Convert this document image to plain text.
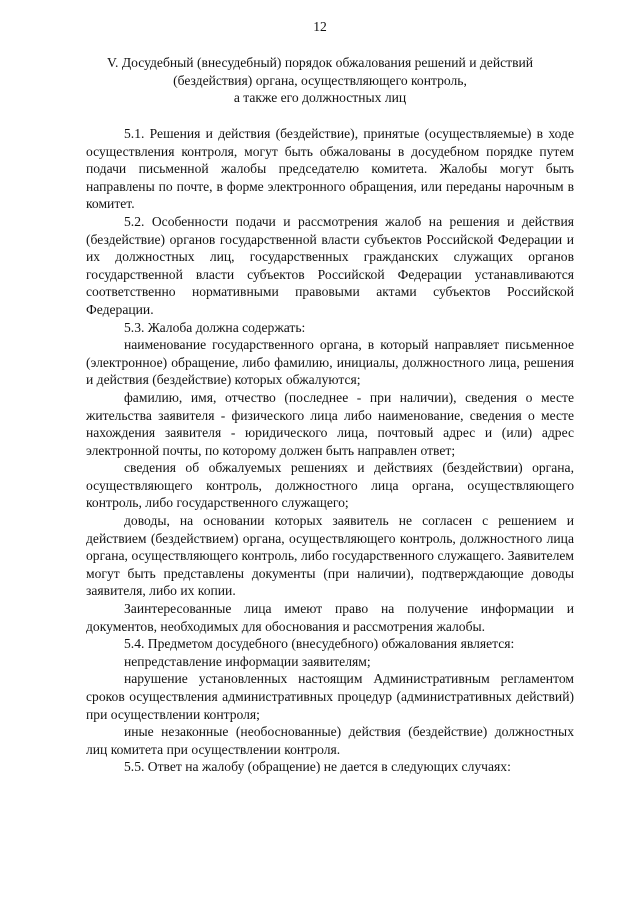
12
V. Досудебный (внесудебный) порядок обжалования решений и действий
(бездействия) органа, осуществляющего контроль,
а также его должностных лиц

5.1. Решения и действия (бездействие), принятые (осуществляемые) в ходе осуществления контроля, могут быть обжалованы в досудебном порядке путем подачи письменной жалобы председателю комитета. Жалобы могут быть направлены по почте, в форме электронного обращения, или переданы нарочным в комитет.

5.2. Особенности подачи и рассмотрения жалоб на решения и действия (бездействие) органов государственной власти субъектов Российской Федерации и их должностных лиц, государственных гражданских служащих органов государственной власти субъектов Российской Федерации устанавливаются соответственно нормативными правовыми актами субъектов Российской Федерации.

5.3. Жалоба должна содержать:

наименование государственного органа, в который направляет письменное (электронное) обращение, либо фамилию, инициалы, должностного лица, решения и действия (бездействие) которых обжалуются;

фамилию, имя, отчество (последнее - при наличии), сведения о месте жительства заявителя - физического лица либо наименование, сведения о месте нахождения заявителя - юридического лица, почтовый адрес и (или) адрес электронной почты, по которому должен быть направлен ответ;

сведения об обжалуемых решениях и действиях (бездействии) органа, осуществляющего контроль, должностного лица органа, осуществляющего контроль, либо государственного служащего;

доводы, на основании которых заявитель не согласен с решением и действием (бездействием) органа, осуществляющего контроль, должностного лица органа, осуществляющего контроль, либо государственного служащего. Заявителем могут быть представлены документы (при наличии), подтверждающие доводы заявителя, либо их копии.

Заинтересованные лица имеют право на получение информации и документов, необходимых для обоснования и рассмотрения жалобы.

5.4. Предметом досудебного (внесудебного) обжалования является:

непредставление информации заявителям;

нарушение установленных настоящим Административным регламентом сроков осуществления административных процедур (административных действий) при осуществлении контроля;

иные незаконные (необоснованные) действия (бездействие) должностных лиц комитета при осуществлении контроля.

5.5. Ответ на жалобу (обращение) не дается в следующих случаях:
